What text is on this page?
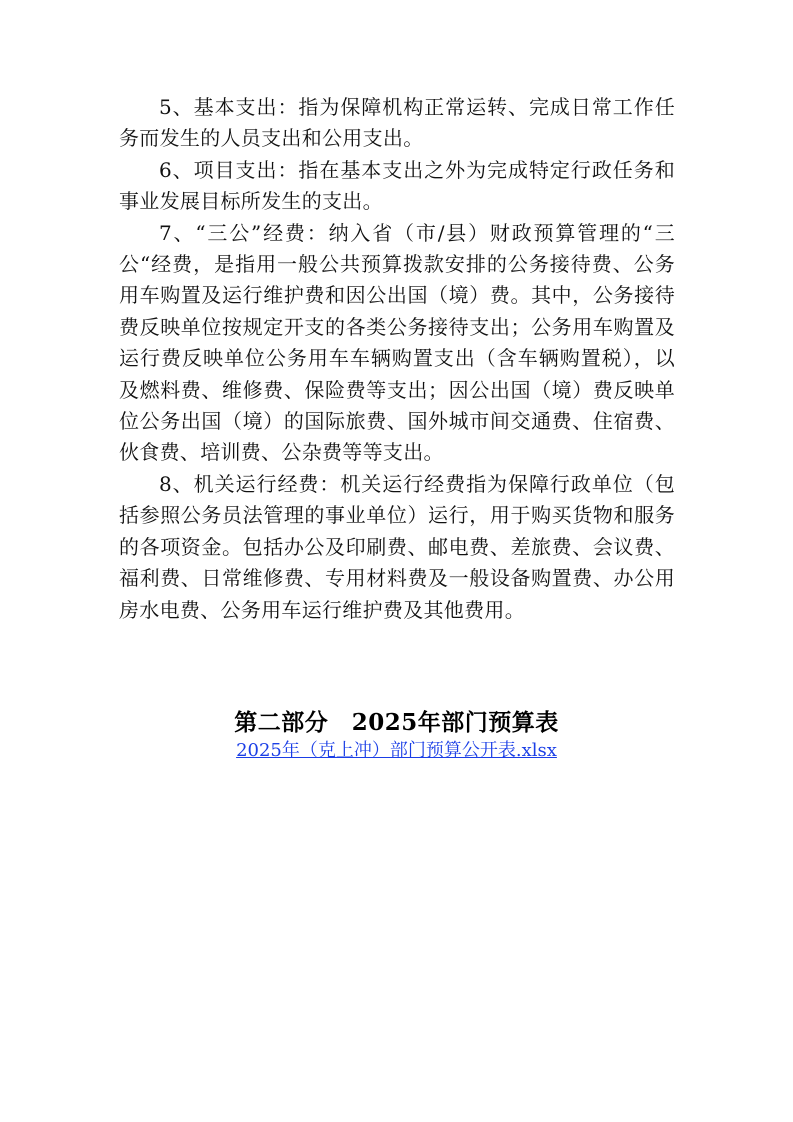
5、基本支出：指为保障机构正常运转、完成日常工作任务而发生的人员支出和公用支出。

6、项目支出：指在基本支出之外为完成特定行政任务和事业发展目标所发生的支出。

7、“三公”经费：纳入省（市/县）财政预算管理的“三公“经费，是指用一般公共预算拨款安排的公务接待费、公务用车购置及运行维护费和因公出国（境）费。其中，公务接待费反映单位按规定开支的各类公务接待支出；公务用车购置及运行费反映单位公务用车车辆购置支出（含车辆购置税），以及燃料费、维修费、保险费等支出；因公出国（境）费反映单位公务出国（境）的国际旅费、国外城市间交通费、住宿费、伙食费、培训费、公杂费等等支出。

8、机关运行经费：机关运行经费指为保障行政单位（包括参照公务员法管理的事业单位）运行，用于购买货物和服务的各项资金。包括办公及印刷费、邮电费、差旅费、会议费、福利费、日常维修费、专用材料费及一般设备购置费、办公用房水电费、公务用车运行维护费及其他费用。

第二部分　2025年部门预算表
2025年（克上冲）部门预算公开表.xlsx
